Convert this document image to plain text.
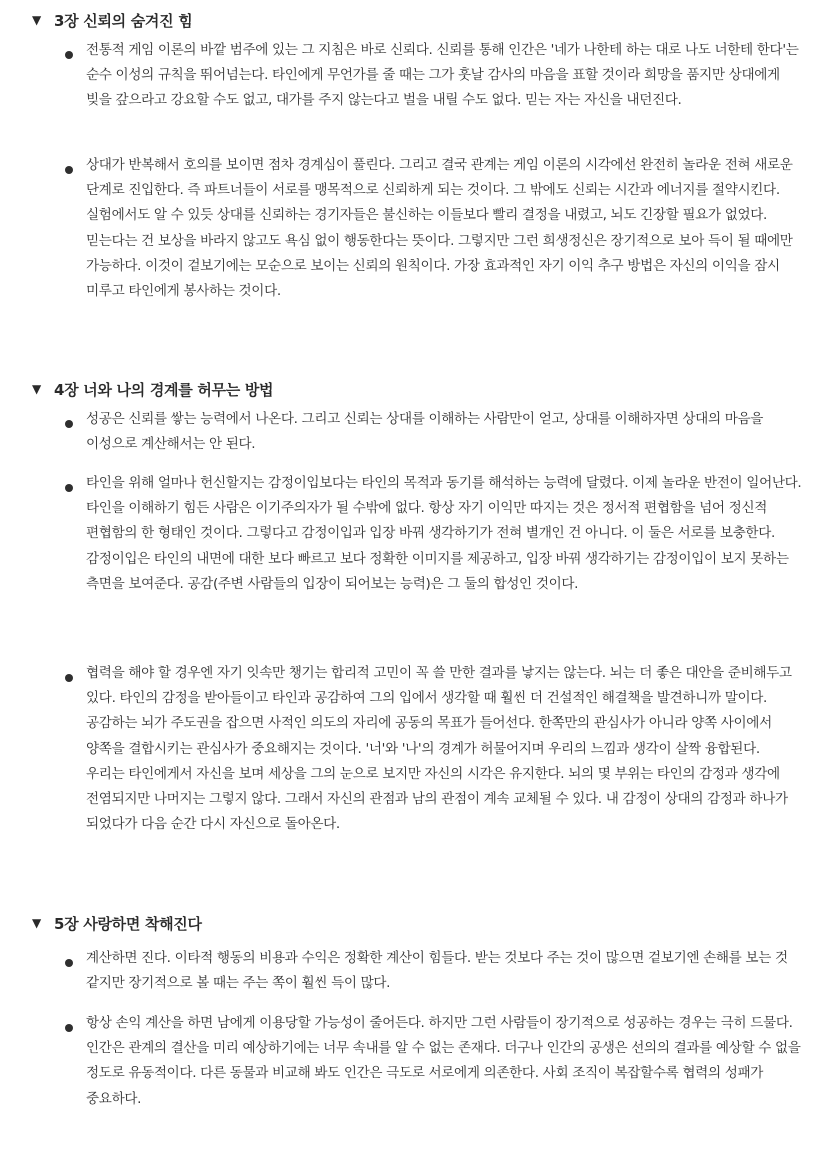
▼ 3장 신뢰의 숨겨진 힘
전통적 게임 이론의 바깥 범주에 있는 그 지침은 바로 신뢰다. 신뢰를 통해 인간은 '네가 나한테 하는 대로 나도 너한테 한다'는 순수 이성의 규칙을 뛰어넘는다. 타인에게 무언가를 줄 때는 그가 훗날 감사의 마음을 표할 것이라 희망을 품지만 상대에게 빚을 갚으라고 강요할 수도 없고, 대가를 주지 않는다고 벌을 내릴 수도 없다. 믿는 자는 자신을 내던진다.
상대가 반복해서 호의를 보이면 점차 경계심이 풀린다. 그리고 결국 관계는 게임 이론의 시각에선 완전히 놀라운 전혀 새로운 단계로 진입한다. 즉 파트너들이 서로를 맹목적으로 신뢰하게 되는 것이다. 그 밖에도 신뢰는 시간과 에너지를 절약시킨다. 실험에서도 알 수 있듯 상대를 신뢰하는 경기자들은 불신하는 이들보다 빨리 결정을 내렸고, 뇌도 긴장할 필요가 없었다. 믿는다는 건 보상을 바라지 않고도 욕심 없이 행동한다는 뜻이다. 그렇지만 그런 희생정신은 장기적으로 보아 득이 될 때에만 가능하다. 이것이 겉보기에는 모순으로 보이는 신뢰의 원칙이다. 가장 효과적인 자기 이익 추구 방법은 자신의 이익을 잠시 미루고 타인에게 봉사하는 것이다.
▼ 4장 너와 나의 경계를 허무는 방법
성공은 신뢰를 쌓는 능력에서 나온다. 그리고 신뢰는 상대를 이해하는 사람만이 얻고, 상대를 이해하자면 상대의 마음을 이성으로 계산해서는 안 된다.
타인을 위해 얼마나 헌신할지는 감정이입보다는 타인의 목적과 동기를 해석하는 능력에 달렸다. 이제 놀라운 반전이 일어난다. 타인을 이해하기 힘든 사람은 이기주의자가 될 수밖에 없다. 항상 자기 이익만 따지는 것은 정서적 편협함을 넘어 정신적 편협함의 한 형태인 것이다. 그렇다고 감정이입과 입장 바꿔 생각하기가 전혀 별개인 건 아니다. 이 둘은 서로를 보충한다. 감정이입은 타인의 내면에 대한 보다 빠르고 보다 정확한 이미지를 제공하고, 입장 바꿔 생각하기는 감정이입이 보지 못하는 측면을 보여준다. 공감(주변 사람들의 입장이 되어보는 능력)은 그 둘의 합성인 것이다.
협력을 해야 할 경우엔 자기 잇속만 챙기는 합리적 고민이 꼭 쓸 만한 결과를 낳지는 않는다. 뇌는 더 좋은 대안을 준비해두고 있다. 타인의 감정을 받아들이고 타인과 공감하여 그의 입에서 생각할 때 훨씬 더 건설적인 해결책을 발견하니까 말이다. 공감하는 뇌가 주도권을 잡으면 사적인 의도의 자리에 공동의 목표가 들어선다. 한쪽만의 관심사가 아니라 양쪽 사이에서 양쪽을 결합시키는 관심사가 중요해지는 것이다. '너'와 '나'의 경계가 허물어지며 우리의 느낌과 생각이 살짝 융합된다. 우리는 타인에게서 자신을 보며 세상을 그의 눈으로 보지만 자신의 시각은 유지한다. 뇌의 몇 부위는 타인의 감정과 생각에 전염되지만 나머지는 그렇지 않다. 그래서 자신의 관점과 남의 관점이 계속 교체될 수 있다. 내 감정이 상대의 감정과 하나가 되었다가 다음 순간 다시 자신으로 돌아온다.
▼ 5장 사랑하면 착해진다
계산하면 진다. 이타적 행동의 비용과 수익은 정확한 계산이 힘들다. 받는 것보다 주는 것이 많으면 겉보기엔 손해를 보는 것 같지만 장기적으로 볼 때는 주는 쪽이 훨씬 득이 많다.
항상 손익 계산을 하면 남에게 이용당할 가능성이 줄어든다. 하지만 그런 사람들이 장기적으로 성공하는 경우는 극히 드물다. 인간은 관계의 결산을 미리 예상하기에는 너무 속내를 알 수 없는 존재다. 더구나 인간의 공생은 선의의 결과를 예상할 수 없을 정도로 유동적이다. 다른 동물과 비교해 봐도 인간은 극도로 서로에게 의존한다. 사회 조직이 복잡할수록 협력의 성패가 중요하다.
